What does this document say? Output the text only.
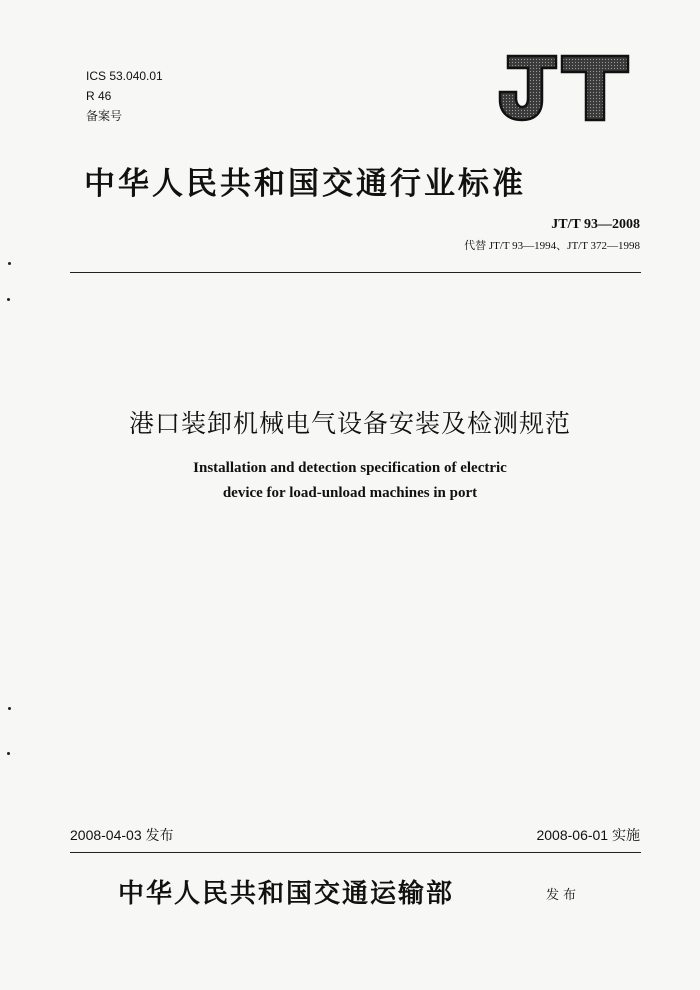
ICS 53.040.01
R 46
备案号
中华人民共和国交通行业标准
JT/T 93—2008
代替 JT/T 93—1994、JT/T 372—1998
港口装卸机械电气设备安装及检测规范
Installation and detection specification of electric
device for load-unload machines in port
2008-04-03 发布	2008-06-01 实施
中华人民共和国交通运输部	发布
